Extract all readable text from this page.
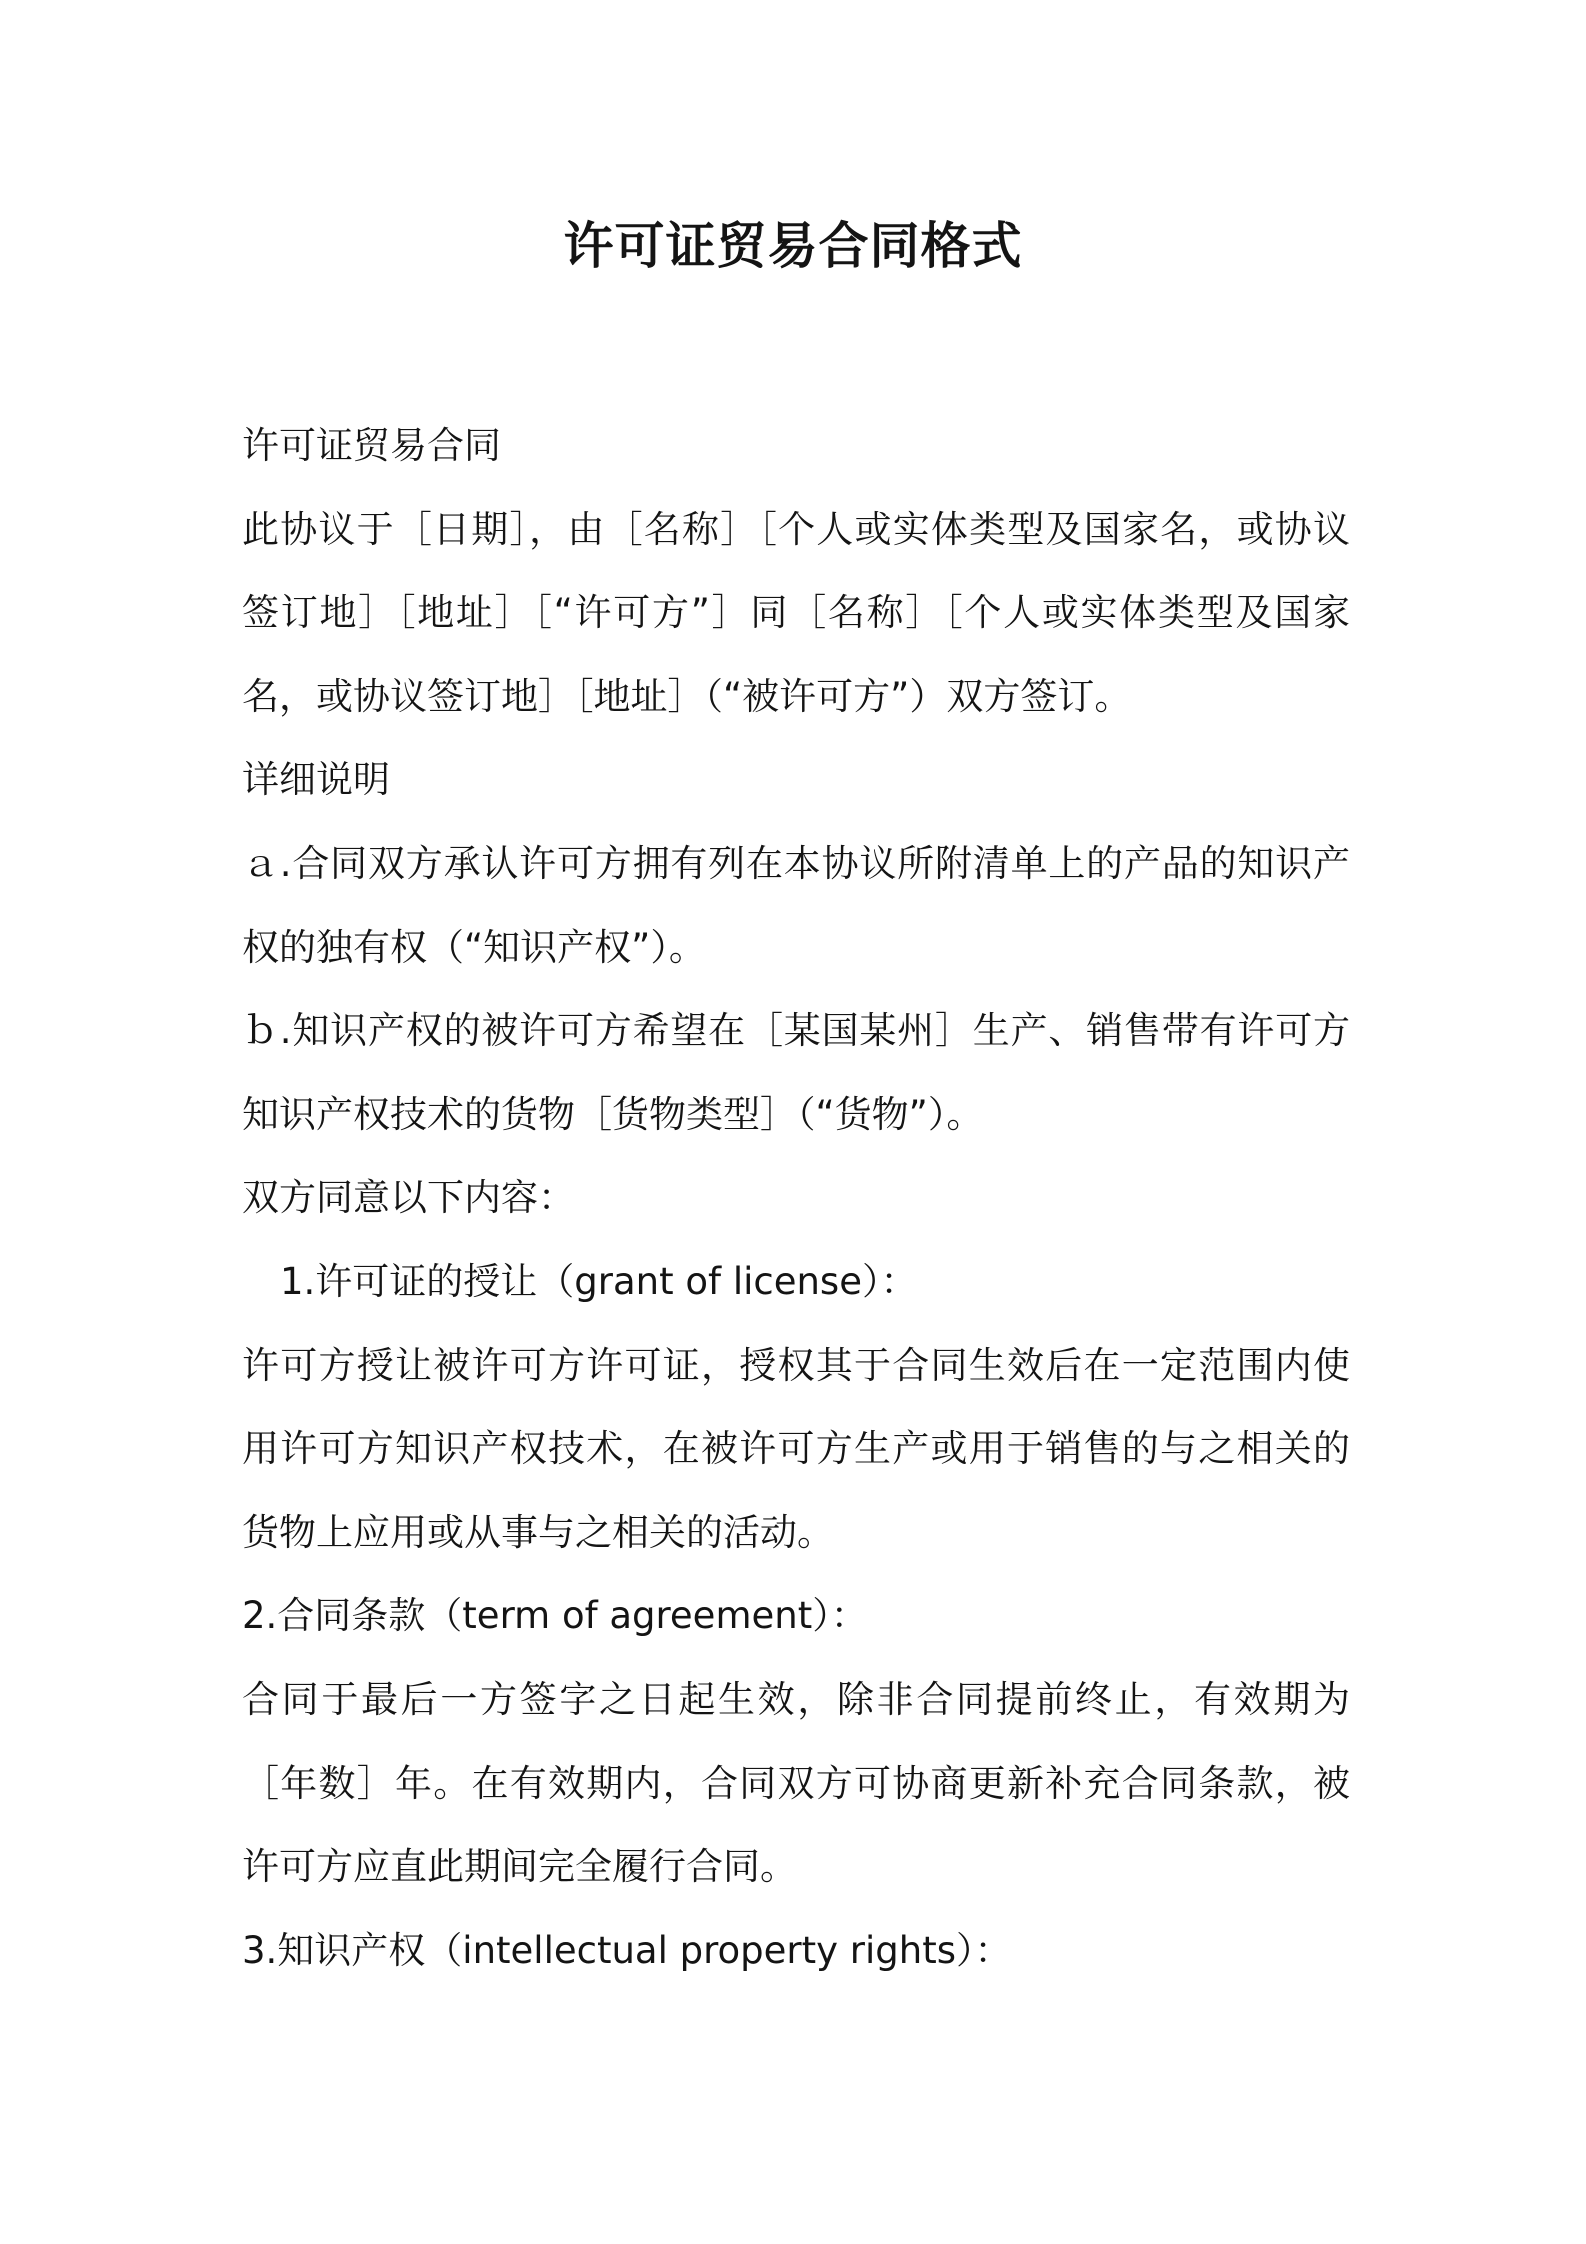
许可证贸易合同格式

许可证贸易合同

此协议于［日期］，由［名称］［个人或实体类型及国家名，或协议签订地］［地址］［“许可方”］同［名称］［个人或实体类型及国家名，或协议签订地］［地址］（“被许可方”）双方签订。

详细说明

ａ.合同双方承认许可方拥有列在本协议所附清单上的产品的知识产权的独有权（“知识产权”）。

ｂ.知识产权的被许可方希望在［某国某州］生产、销售带有许可方知识产权技术的货物［货物类型］（“货物”）。

双方同意以下内容：

1.许可证的授让（grant of license）：

许可方授让被许可方许可证，授权其于合同生效后在一定范围内使用许可方知识产权技术，在被许可方生产或用于销售的与之相关的货物上应用或从事与之相关的活动。

2.合同条款（term of agreement）：

合同于最后一方签字之日起生效，除非合同提前终止，有效期为［年数］年。在有效期内，合同双方可协商更新补充合同条款，被许可方应直此期间完全履行合同。

3.知识产权（intellectual property rights）：
